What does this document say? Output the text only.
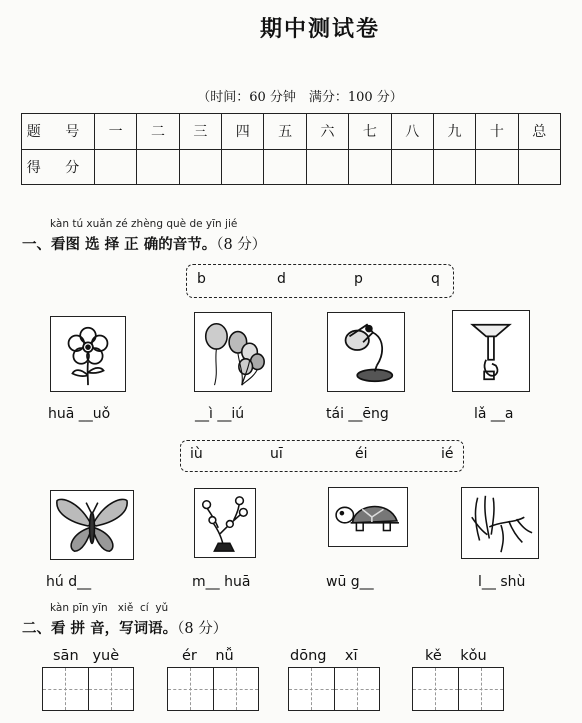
期中测试卷
（时间：60 分钟　满分：100 分）
题 号	一	二	三	四	五	六	七	八	九	十	总
得 分											
kàn tú xuǎn zé zhèng què de yīn jié
一、看图 选 择 正 确的音节。（8 分）
b	d	p	q
huā __uǒ	__ì __iú	tái __ēng	lǎ __a
iù	uī	éi	ié
hú d__	m__ huā	wū g__	l__ shù
kàn pīn yīn   xiě  cí  yǔ
二、看 拼 音，写词语。（8 分）
sān   yuè	ér    nǚ	dōng    xī	kě    kǒu
